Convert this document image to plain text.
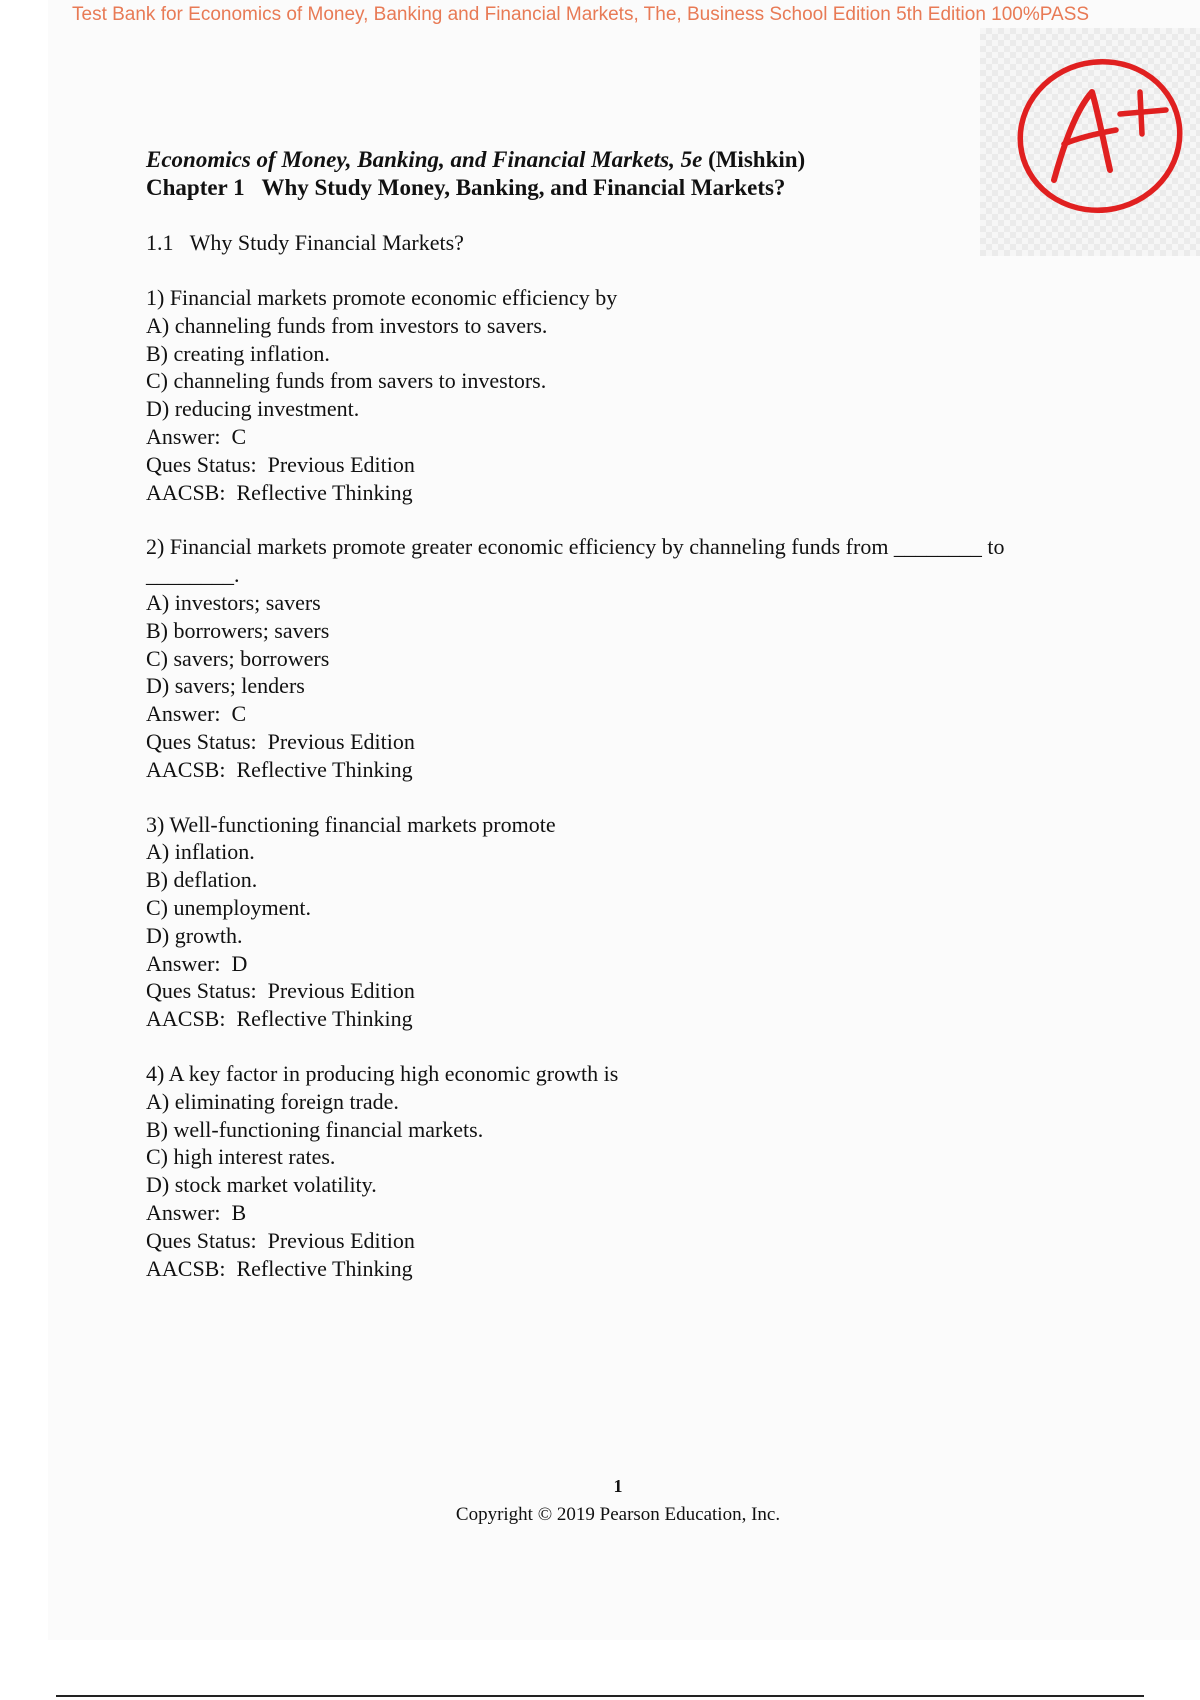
Test Bank for Economics of Money, Banking and Financial Markets, The, Business School Edition 5th Edition 100%PASS
Economics of Money, Banking, and Financial Markets, 5e (Mishkin)
Chapter 1   Why Study Money, Banking, and Financial Markets?
1.1   Why Study Financial Markets?
1) Financial markets promote economic efficiency by
A) channeling funds from investors to savers.
B) creating inflation.
C) channeling funds from savers to investors.
D) reducing investment.
Answer:  C
Ques Status:  Previous Edition
AACSB:  Reflective Thinking
2) Financial markets promote greater economic efficiency by channeling funds from ________ to ________.
A) investors; savers
B) borrowers; savers
C) savers; borrowers
D) savers; lenders
Answer:  C
Ques Status:  Previous Edition
AACSB:  Reflective Thinking
3) Well-functioning financial markets promote
A) inflation.
B) deflation.
C) unemployment.
D) growth.
Answer:  D
Ques Status:  Previous Edition
AACSB:  Reflective Thinking
4) A key factor in producing high economic growth is
A) eliminating foreign trade.
B) well-functioning financial markets.
C) high interest rates.
D) stock market volatility.
Answer:  B
Ques Status:  Previous Edition
AACSB:  Reflective Thinking
1
Copyright © 2019 Pearson Education, Inc.
